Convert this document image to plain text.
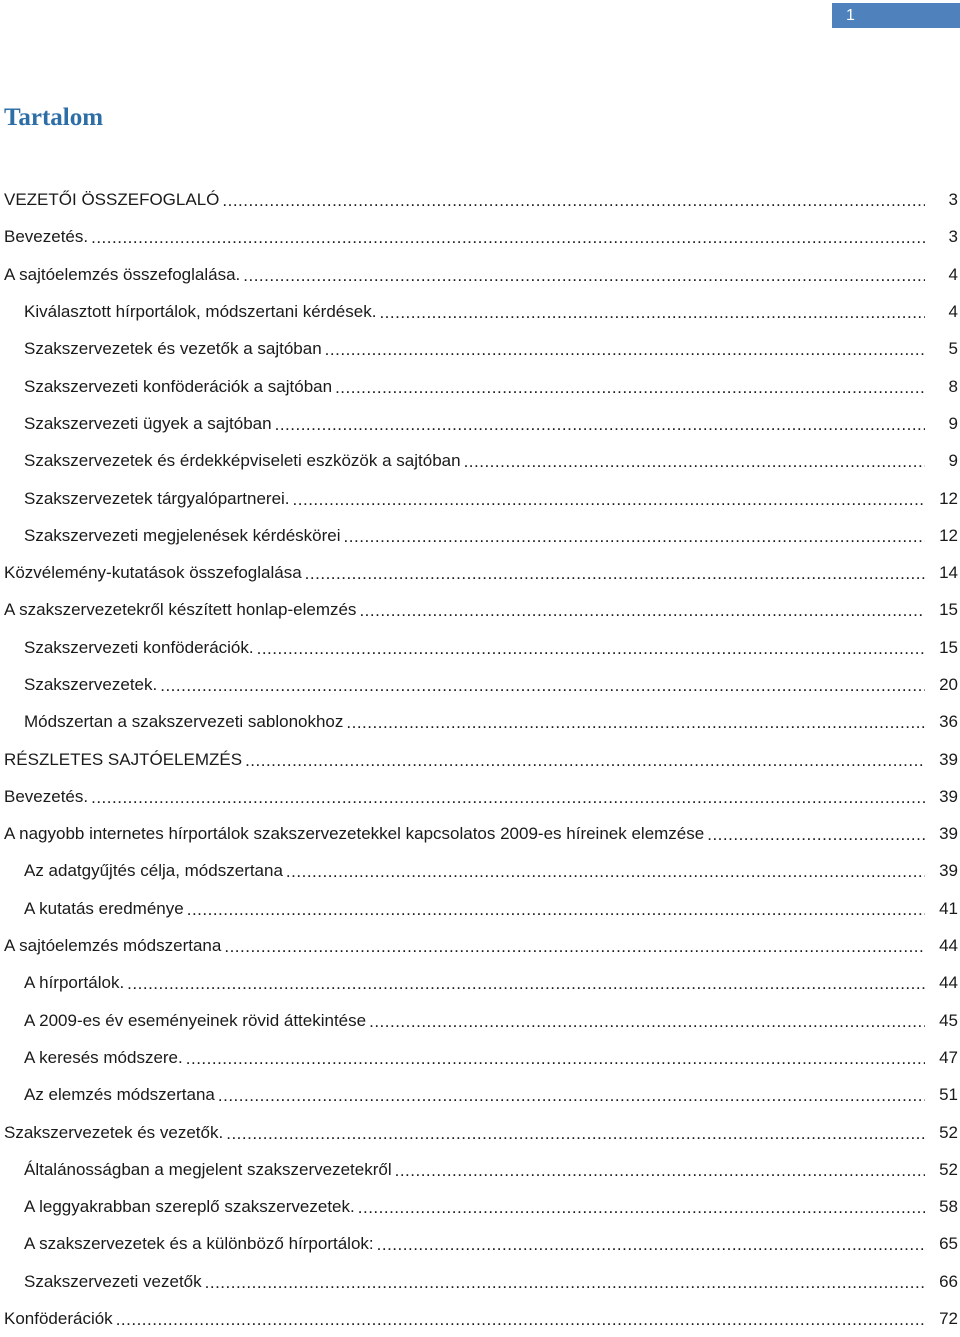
1
Tartalom
VEZETŐI ÖSSZEFOGLALÓ .....	3
Bevezetés. .....	3
A sajtóelemzés összefoglalása. .....	4
Kiválasztott hírportálok, módszertani kérdések. .....	4
Szakszervezetek és vezetők a sajtóban .....	5
Szakszervezeti konföderációk a sajtóban .....	8
Szakszervezeti ügyek a sajtóban .....	9
Szakszervezetek és érdekképviseleti eszközök a sajtóban .....	9
Szakszervezetek tárgyalópartnerei. .....	12
Szakszervezeti megjelenések kérdéskörei .....	12
Közvélemény-kutatások összefoglalása .....	14
A szakszervezetekről készített honlap-elemzés .....	15
Szakszervezeti konföderációk. .....	15
Szakszervezetek. .....	20
Módszertan a szakszervezeti sablonokhoz .....	36
RÉSZLETES SAJTÓELEMZÉS .....	39
Bevezetés. .....	39
A nagyobb internetes hírportálok szakszervezetekkel kapcsolatos 2009-es híreinek elemzése .....	39
Az adatgyűjtés célja, módszertana .....	39
A kutatás eredménye .....	41
A sajtóelemzés módszertana .....	44
A hírportálok. .....	44
A 2009-es év eseményeinek rövid áttekintése .....	45
A keresés módszere. .....	47
Az elemzés módszertana .....	51
Szakszervezetek és vezetők. .....	52
Általánosságban a megjelent szakszervezetekről .....	52
A leggyakrabban szereplő szakszervezetek. .....	58
A szakszervezetek és a különböző hírportálok: .....	65
Szakszervezeti vezetők .....	66
Konföderációk .....	72
